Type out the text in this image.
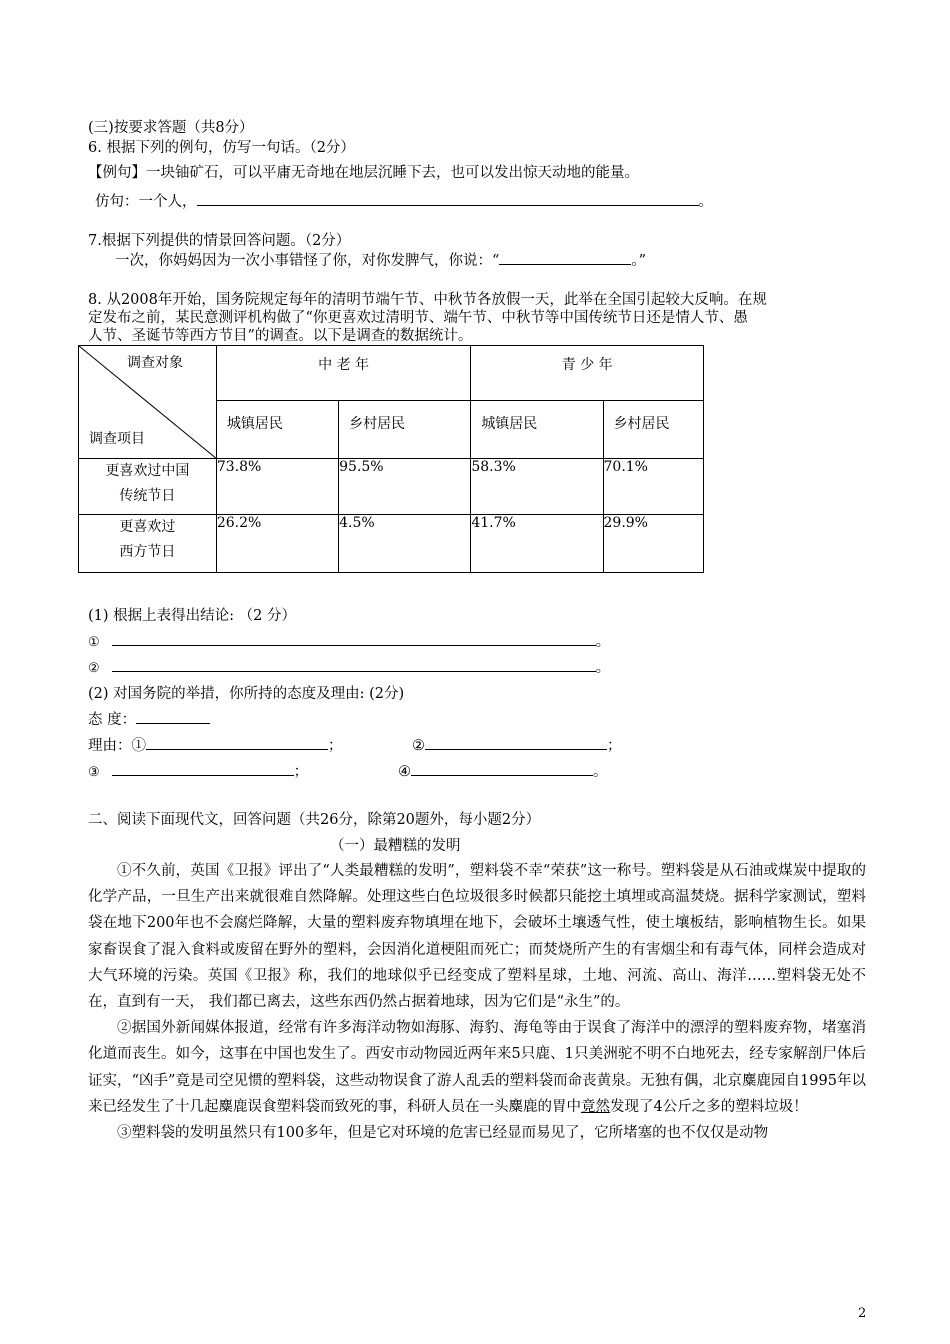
(三)按要求答题（共8分）
6. 根据下列的例句，仿写一句话。（2分）
【例句】一块铀矿石，可以平庸无奇地在地层沉睡下去，也可以发出惊天动地的能量。
仿句：一个人，	。
7.根据下列提供的情景回答问题。（2分）
一次，你妈妈因为一次小事错怪了你，对你发脾气，你说：“	。”
8. 从2008年开始，国务院规定每年的清明节端午节、中秋节各放假一天，此举在全国引起较大反响。在规
定发布之前，某民意测评机构做了“你更喜欢过清明节、端午节、中秋节等中国传统节日还是情人节、愚
人节、圣诞节等西方节目”的调查。以下是调查的数据统计。
调查对象
调查项目	中 老 年		青 少 年	

	城镇居民	乡村居民	城镇居民	乡村居民

更喜欢过中国
传统节日	73.8%	95.5%	58.3%	70.1%

更喜欢过
西方节日	26.2%	4.5%	41.7%	29.9%
(1) 根据上表得出结论: （2 分）
①	。
②	。
(2) 对国务院的举措，你所持的态度及理由: (2分)
态 度：
理由：①	；	②	；
③	；	④	。
二、阅读下面现代文，回答问题（共26分，除第20题外，每小题2分）
（一）最糟糕的发明

①不久前，英国《卫报》评出了“人类最糟糕的发明”，塑料袋不幸“荣获”这一称号。塑料袋是从石油或煤炭中提取的化学产品，一旦生产出来就很难自然降解。处理这些白色垃圾很多时候都只能挖土填埋或高温焚烧。据科学家测试，塑料袋在地下200年也不会腐烂降解，大量的塑料废弃物填埋在地下，会破坏土壤透气性，使土壤板结，影响植物生长。如果家畜误食了混入食料或废留在野外的塑料，会因消化道梗阻而死亡；而焚烧所产生的有害烟尘和有毒气体，同样会造成对大气环境的污染。英国《卫报》称，我们的地球似乎已经变成了塑料星球，土地、河流、高山、海洋……塑料袋无处不在，直到有一天， 我们都已离去，这些东西仍然占据着地球，因为它们是“永生”的。

②据国外新闻媒体报道，经常有许多海洋动物如海豚、海豹、海龟等由于误食了海洋中的漂浮的塑料废弃物，堵塞消化道而丧生。如今，这事在中国也发生了。西安市动物园近两年来5只鹿、1只美洲驼不明不白地死去，经专家解剖尸体后证实，“凶手”竟是司空见惯的塑料袋，这些动物误食了游人乱丢的塑料袋而命丧黄泉。无独有偶，北京麋鹿园自1995年以来已经发生了十几起麋鹿误食塑料袋而致死的事，科研人员在一头麋鹿的胃中竟然发现了4公斤之多的塑料垃圾！

③塑料袋的发明虽然只有100多年，但是它对环境的危害已经显而易见了，它所堵塞的也不仅仅是动物

2
